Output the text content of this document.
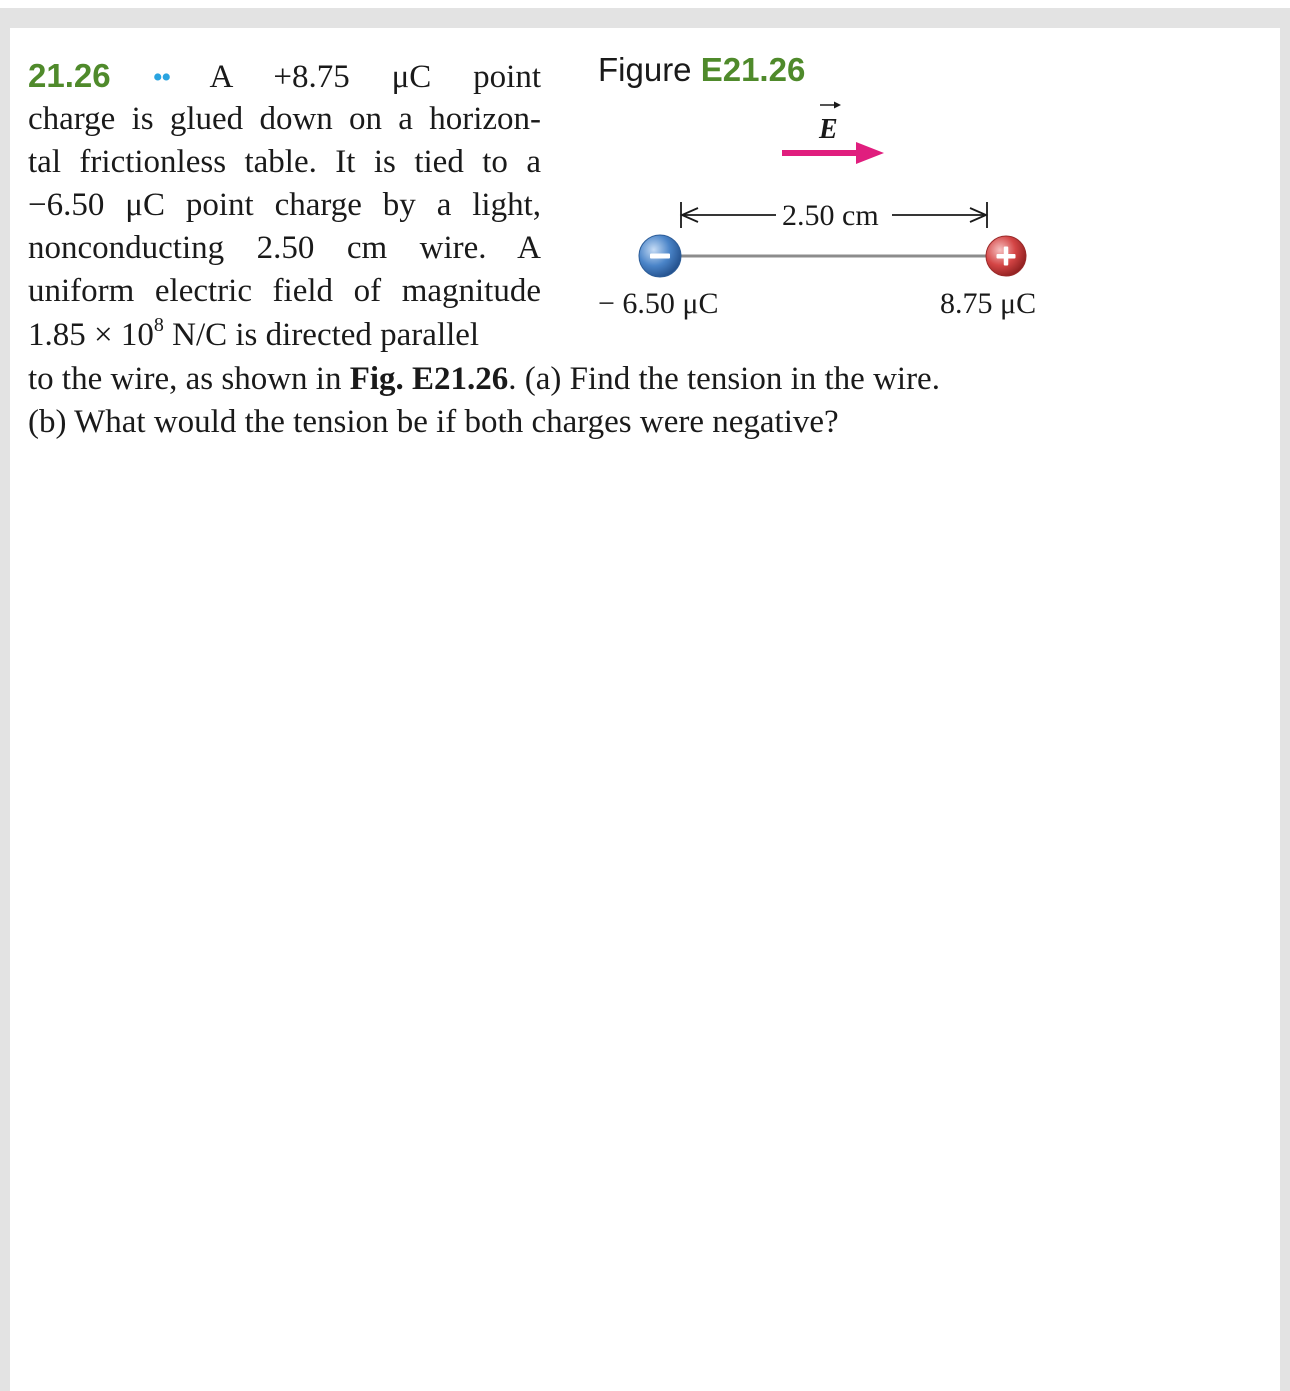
21.26 •• A +8.75 μC point
charge is glued down on a horizon-
tal frictionless table. It is tied to a
−6.50 μC point charge by a light,
nonconducting 2.50 cm wire. A
uniform electric field of magnitude
$1.85 \times 10^8$ N/C is directed parallel
to the wire, as shown in Fig. E21.26. (a) Find the tension in the wire.
(b) What would the tension be if both charges were negative?
Figure E21.26
E
2.50 cm
− 6.50 μC	8.75 μC
